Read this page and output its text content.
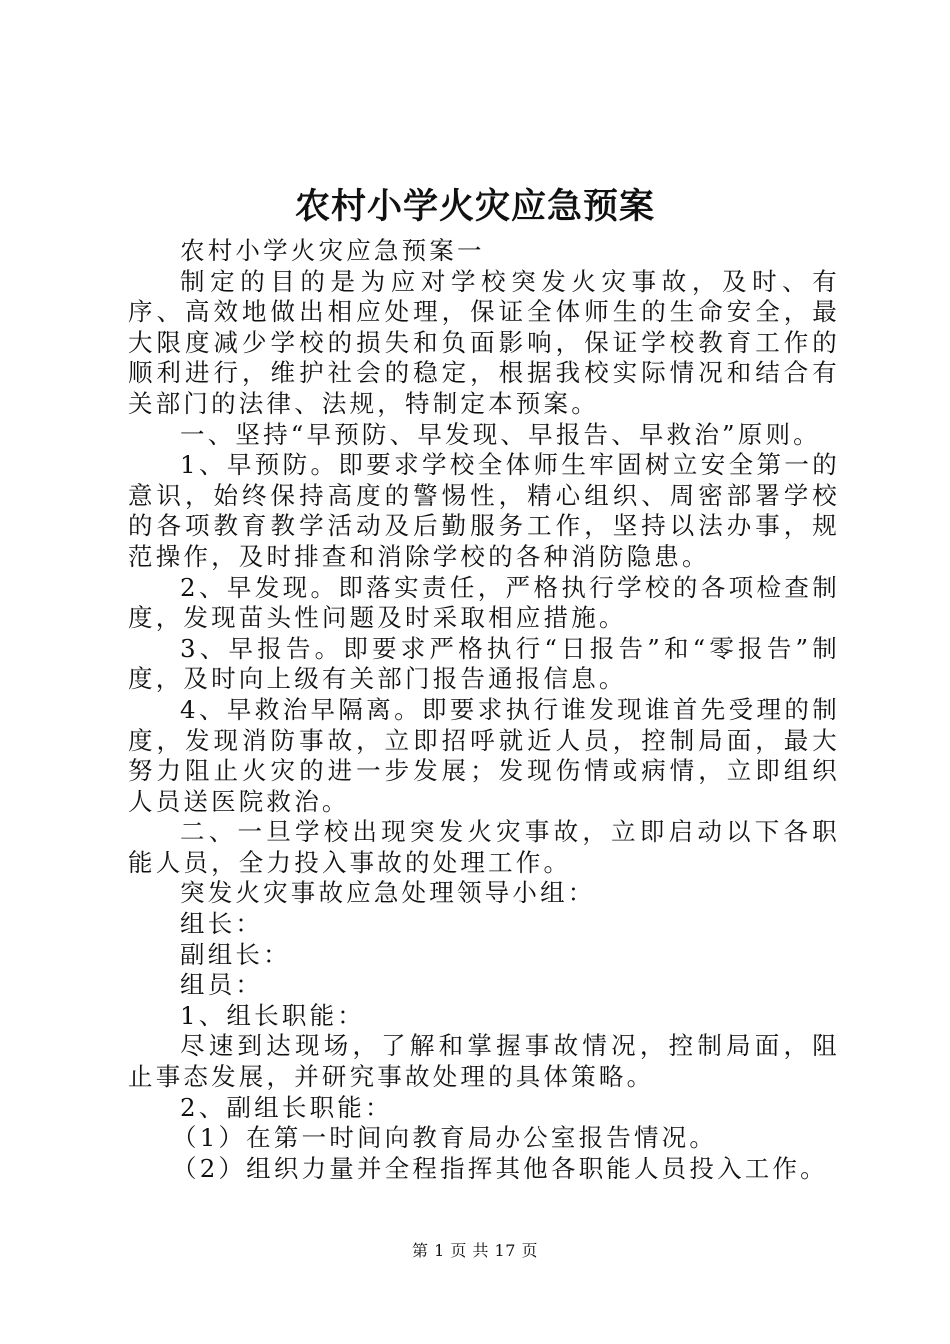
农村小学火灾应急预案

农村小学火灾应急预案一

制定的目的是为应对学校突发火灾事故，及时、有序、高效地做出相应处理，保证全体师生的生命安全，最大限度减少学校的损失和负面影响，保证学校教育工作的顺利进行，维护社会的稳定，根据我校实际情况和结合有关部门的法律、法规，特制定本预案。

一、坚持“早预防、早发现、早报告、早救治”原则。

1、早预防。即要求学校全体师生牢固树立安全第一的意识，始终保持高度的警惕性，精心组织、周密部署学校的各项教育教学活动及后勤服务工作，坚持以法办事，规范操作，及时排查和消除学校的各种消防隐患。

2、早发现。即落实责任，严格执行学校的各项检查制度，发现苗头性问题及时采取相应措施。

3、早报告。即要求严格执行“日报告”和“零报告”制度，及时向上级有关部门报告通报信息。

4、早救治早隔离。即要求执行谁发现谁首先受理的制度，发现消防事故，立即招呼就近人员，控制局面，最大努力阻止火灾的进一步发展；发现伤情或病情，立即组织人员送医院救治。

二、一旦学校出现突发火灾事故，立即启动以下各职能人员，全力投入事故的处理工作。

突发火灾事故应急处理领导小组：

组长：

副组长：

组员：

1、组长职能：

尽速到达现场，了解和掌握事故情况，控制局面，阻止事态发展，并研究事故处理的具体策略。

2、副组长职能：

（1）在第一时间向教育局办公室报告情况。

（2）组织力量并全程指挥其他各职能人员投入工作。

第 1 页 共 17 页
